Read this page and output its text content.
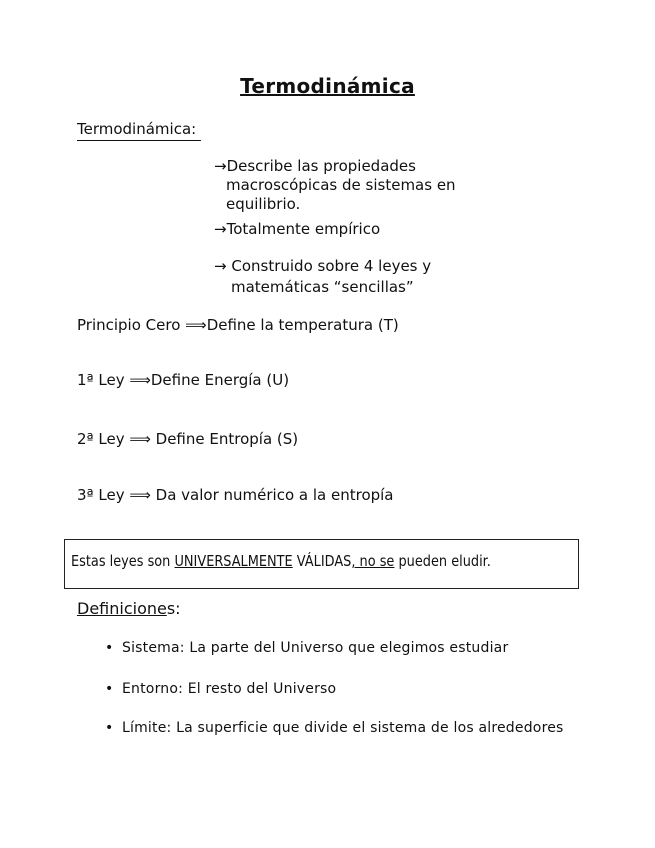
Termodinámica
Termodinámica:
→Describe las propiedades
macroscópicas de sistemas en
equilibrio.
→Totalmente empírico
→ Construido sobre 4 leyes y
matemáticas “sencillas”
Principio Cero ⟹Define la temperatura (T)
1ª Ley ⟹Define Energía (U)
2ª Ley ⟹ Define Entropía (S)
3ª Ley ⟹ Da valor numérico a la entropía
Estas leyes son UNIVERSALMENTE VÁLIDAS, no se pueden eludir.
Definiciones:
• Sistema: La parte del Universo que elegimos estudiar
• Entorno: El resto del Universo
• Límite: La superficie que divide el sistema de los alrededores
